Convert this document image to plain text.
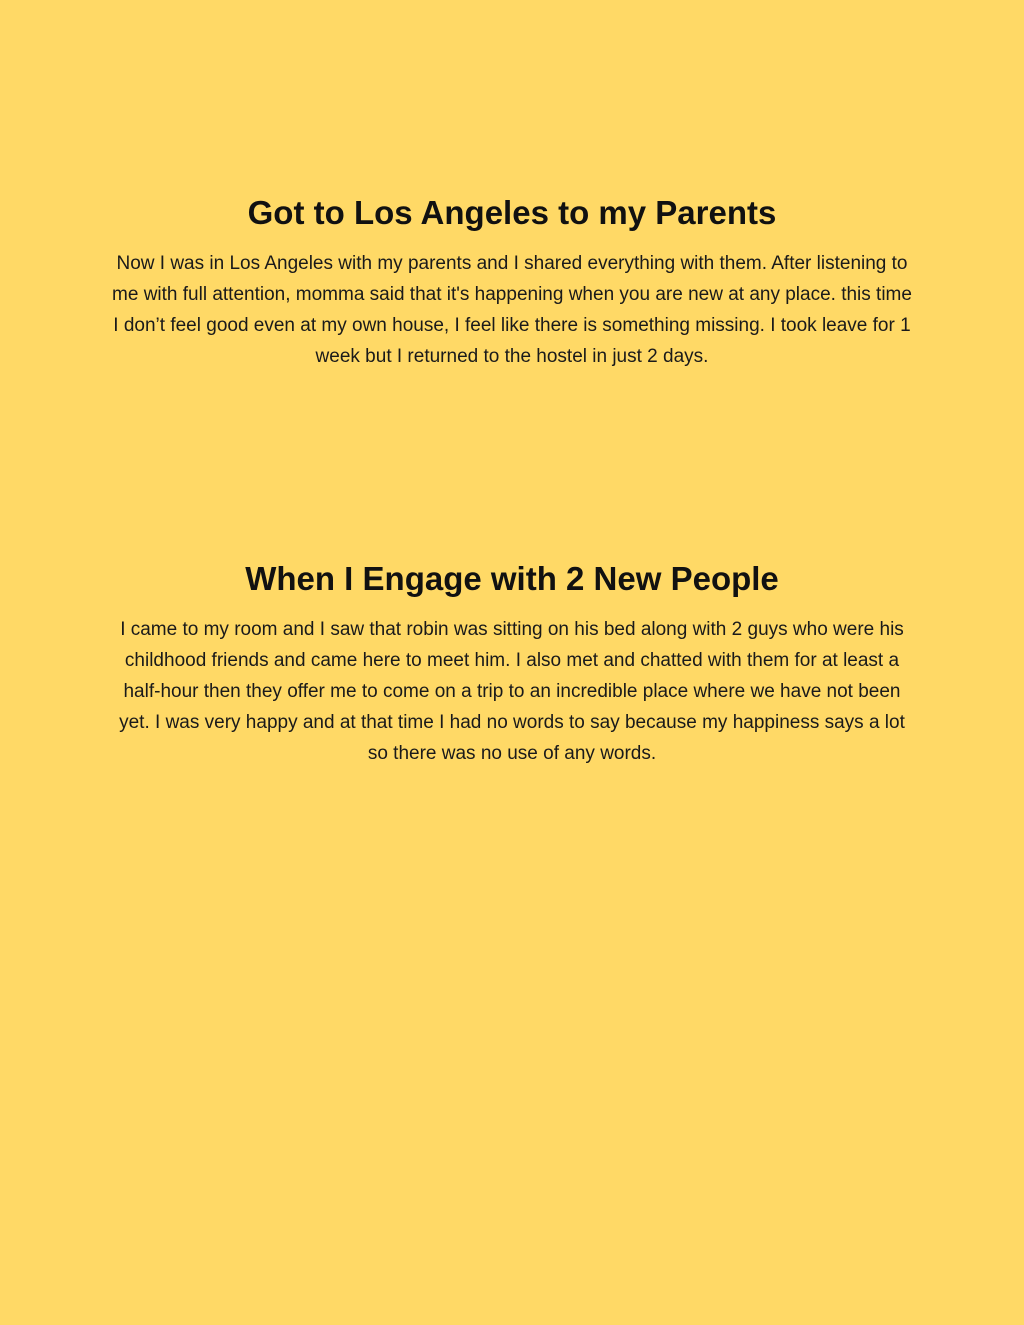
Got to Los Angeles to my Parents

Now I was in Los Angeles with my parents and I shared everything with them. After listening to me with full attention, momma said that it's happening when you are new at any place. this time I don’t feel good even at my own house, I feel like there is something missing. I took leave for 1 week but I returned to the hostel in just 2 days.

When I Engage with 2 New People

I came to my room and I saw that robin was sitting on his bed along with 2 guys who were his childhood friends and came here to meet him. I also met and chatted with them for at least a half-hour then they offer me to come on a trip to an incredible place where we have not been yet. I was very happy and at that time I had no words to say because my happiness says a lot so there was no use of any words.
